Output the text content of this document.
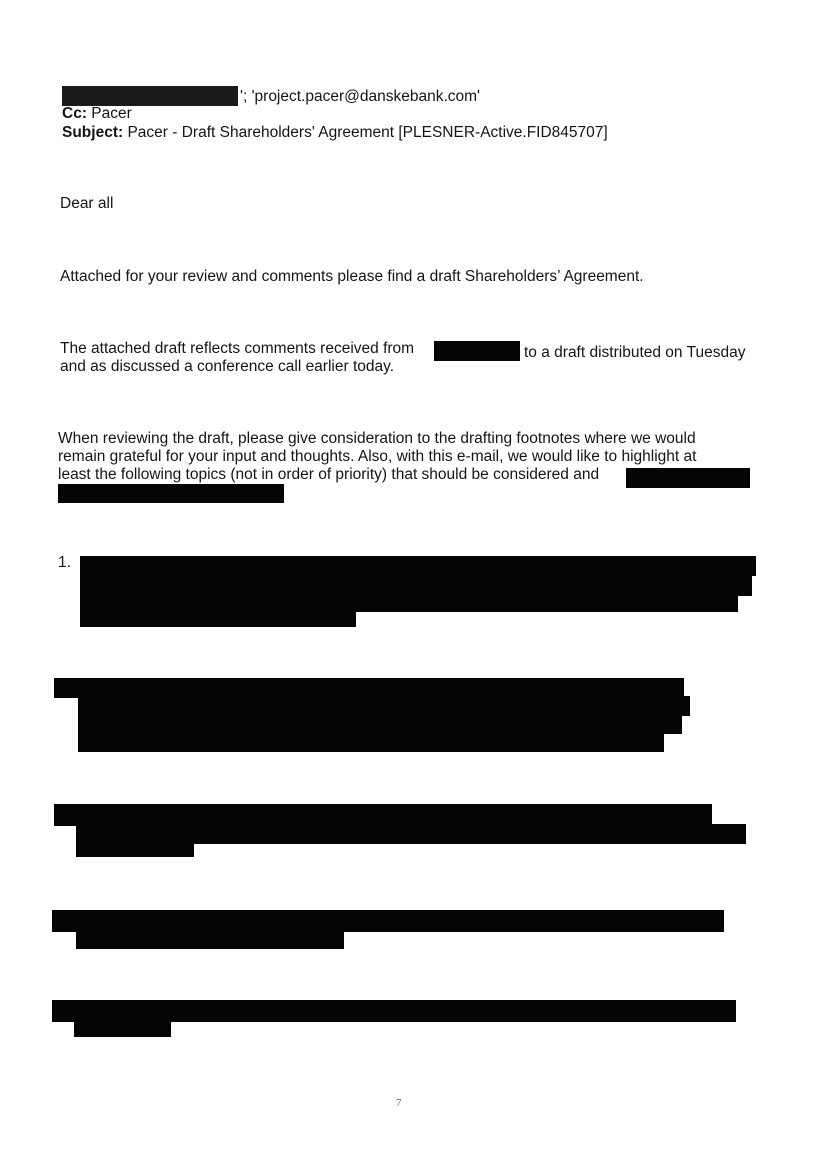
'; 'project.pacer@danskebank.com'
Cc: Pacer
Subject: Pacer - Draft Shareholders' Agreement [PLESNER-Active.FID845707]
Dear all
Attached for your review and comments please find a draft Shareholders’ Agreement.
The attached draft reflects comments received from	to a draft distributed on Tuesday
and as discussed a conference call earlier today.
When reviewing the draft, please give consideration to the drafting footnotes where we would
remain grateful for your input and thoughts. Also, with this e-mail, we would like to highlight at
least the following topics (not in order of priority) that should be considered and
1.
7
